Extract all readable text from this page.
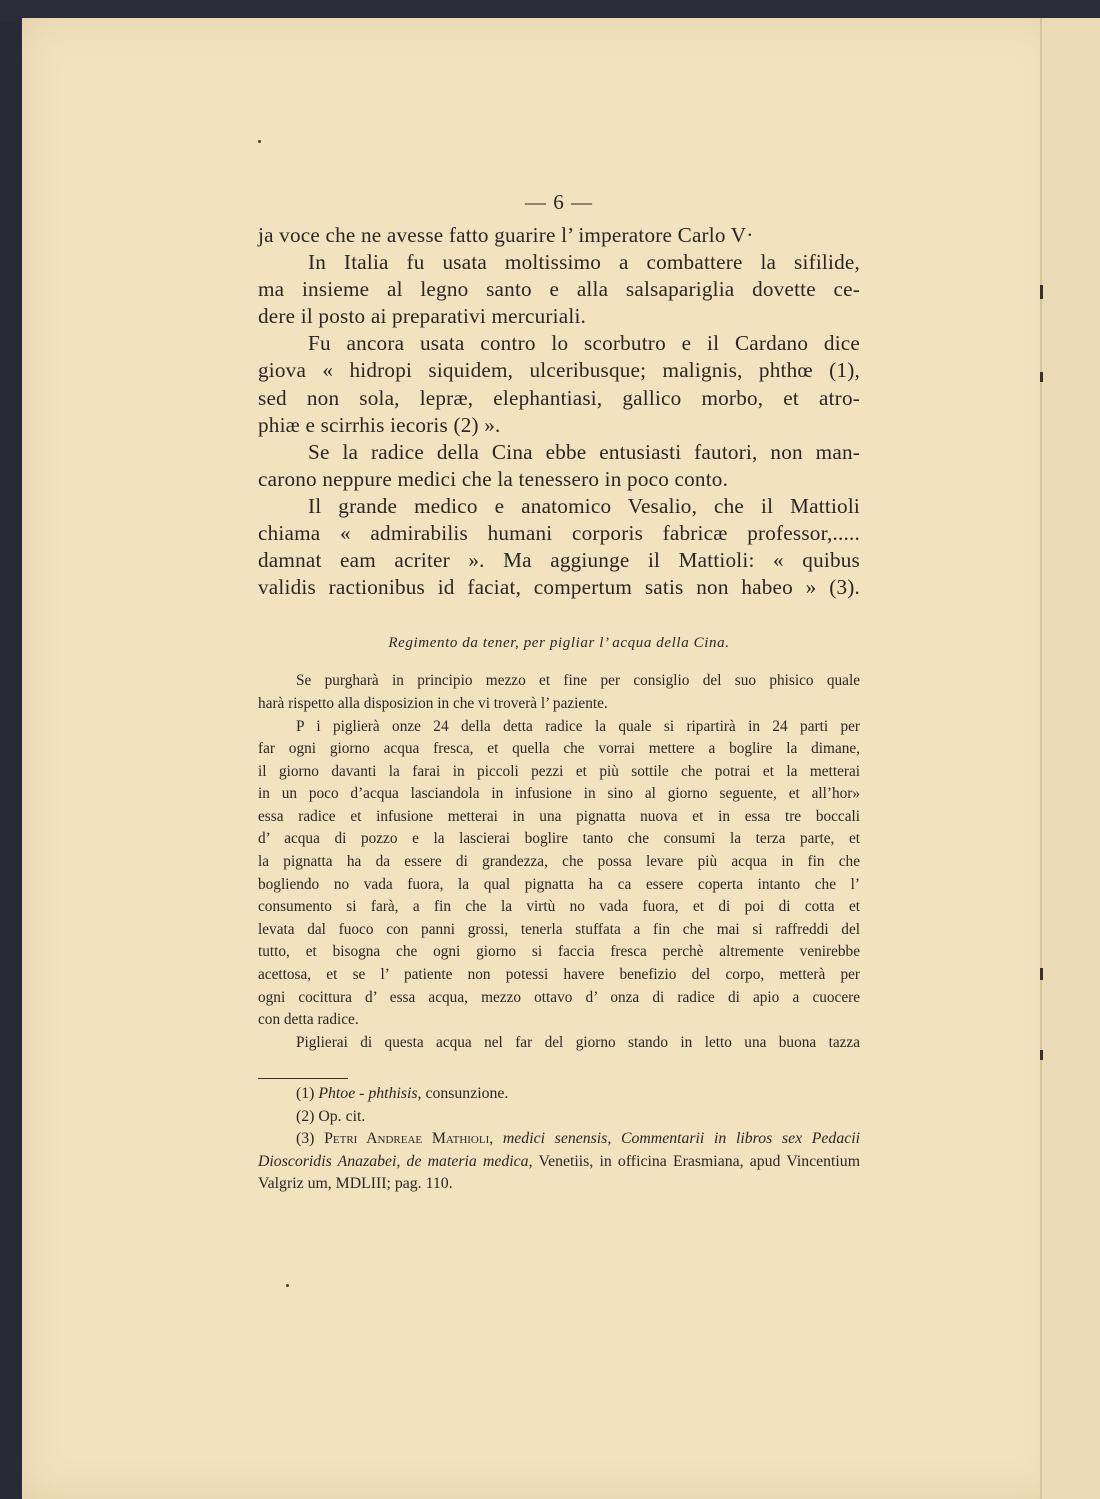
— 6 —

ja voce che ne avesse fatto guarire l’ imperatore Carlo V·

In Italia fu usata moltissimo a combattere la sifilide,

ma insieme al legno santo e alla salsapariglia dovette ce-

dere il posto ai preparativi mercuriali.

Fu ancora usata contro lo scorbutro e il Cardano dice

giova « hidropi siquidem, ulceribusque; malignis, phthœ (1),

sed non sola, lepræ, elephantiasi, gallico morbo, et atro-

phiæ e scirrhis iecoris (2) ».

Se la radice della Cina ebbe entusiasti fautori, non man-

carono neppure medici che la tenessero in poco conto.

Il grande medico e anatomico Vesalio, che il Mattioli

chiama « admirabilis humani corporis fabricæ professor,.....

damnat eam acriter ». Ma aggiunge il Mattioli: « quibus

validis ractionibus id faciat, compertum satis non habeo » (3).

Regimento da tener, per pigliar l’ acqua della Cina.

Se purgharà in principio mezzo et fine per consiglio del suo phisico quale

harà rispetto alla disposizion in che vi troverà l’ paziente.

P i piglierà onze 24 della detta radice la quale si ripartirà in 24 parti per

far ogni giorno acqua fresca, et quella che vorrai mettere a boglire la dimane,

il giorno davanti la farai in piccoli pezzi et più sottile che potrai et la metterai

in un poco d’acqua lasciandola in infusione in sino al giorno seguente, et all’hor»

essa radice et infusione metterai in una pignatta nuova et in essa tre boccali

d’ acqua di pozzo e la lascierai boglire tanto che consumi la terza parte, et

la pignatta ha da essere di grandezza, che possa levare più acqua in fin che

bogliendo no vada fuora, la qual pignatta ha ca essere coperta intanto che l’

consumento si farà, a fin che la virtù no vada fuora, et di poi di cotta et

levata dal fuoco con panni grossi, tenerla stuffata a fin che mai si raffreddi del

tutto, et bisogna che ogni giorno si faccia fresca perchè altremente venirebbe

acettosa, et se l’ patiente non potessi havere benefizio del corpo, metterà per

ogni cocittura d’ essa acqua, mezzo ottavo d’ onza di radice di apio a cuocere

con detta radice.

Piglierai di questa acqua nel far del giorno stando in letto una buona tazza

(1) Phtoe - phthisis, consunzione.

(2) Op. cit.

(3) Petri Andreae Mathioli, medici senensis, Commentarii in libros sex Pedacii Dioscoridis Anazabei, de materia medica, Venetiis, in officina Erasmiana, apud Vincentium Valgriz um, MDLIII; pag. 110.
